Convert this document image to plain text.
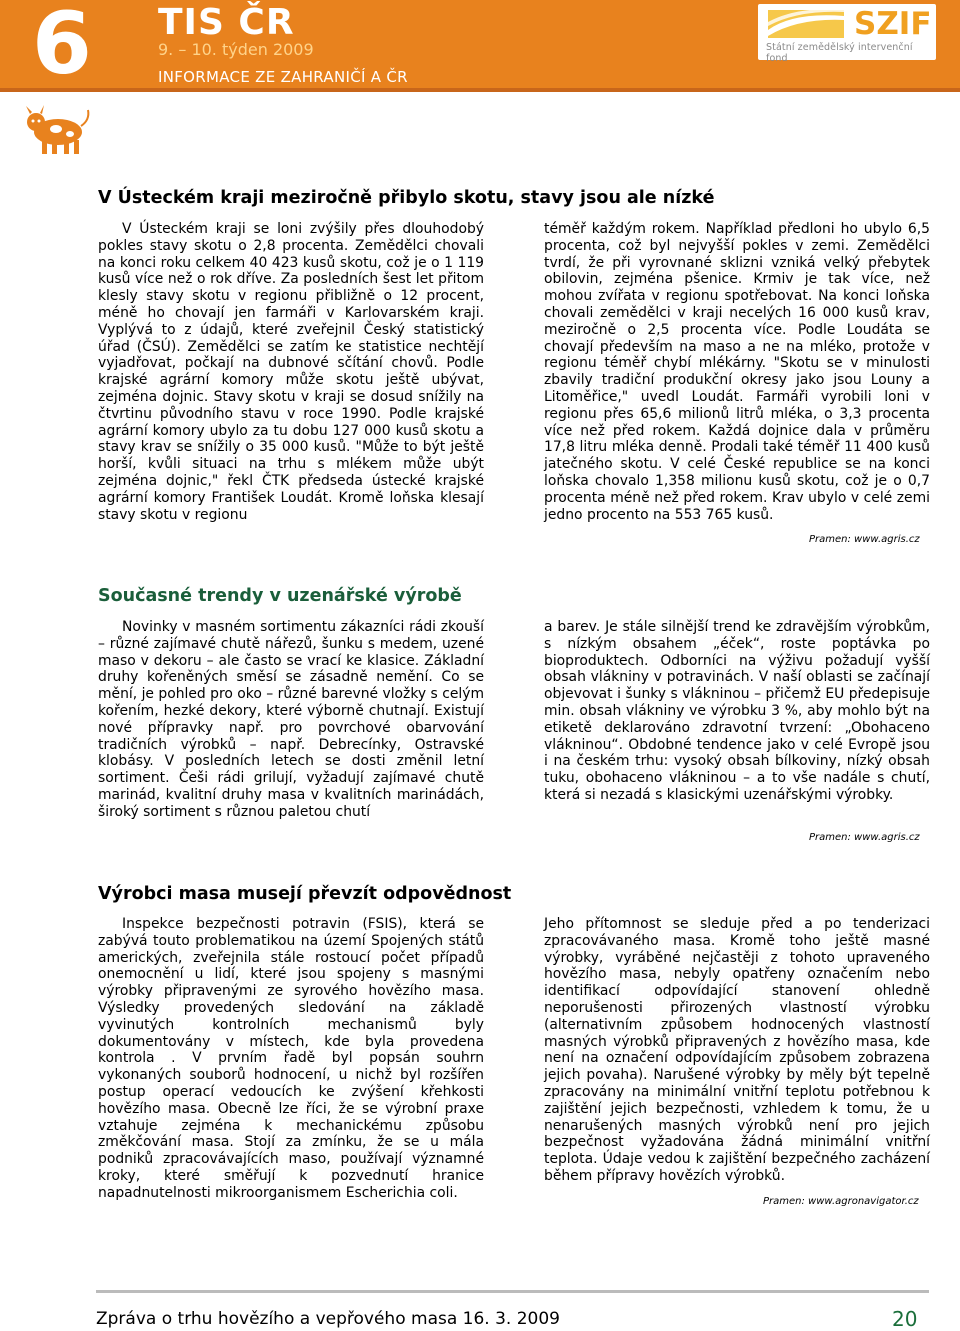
6 TIS ČR
9. – 10. týden 2009
INFORMACE ZE ZAHRANIČÍ A ČR
SZIF
Státní zemědělský intervenční fond
V Ústeckém kraji meziročně přibylo skotu, stavy jsou ale nízké

V Ústeckém kraji se loni zvýšily přes dlouhodobý pokles stavy skotu o 2,8 procenta. Zemědělci chovali na konci roku celkem 40 423 kusů skotu, což je o 1 119 kusů více než o rok dříve. Za posledních šest let přitom klesly stavy skotu v regionu přibližně o 12 procent, méně ho chovají jen farmáři v Karlovarském kraji. Vyplývá to z údajů, které zveřejnil Český statistický úřad (ČSÚ). Zemědělci se zatím ke statistice nechtějí vyjadřovat, počkají na dubnové sčítání chovů. Podle krajské agrární komory může skotu ještě ubývat, zejména dojnic. Stavy skotu v kraji se dosud snížily na čtvrtinu původního stavu v roce 1990. Podle krajské agrární komory ubylo za tu dobu 127 000 kusů skotu a stavy krav se snížily o 35 000 kusů. "Může to být ještě horší, kvůli situaci na trhu s mlékem může ubýt zejména dojnic," řekl ČTK předseda ústecké krajské agrární komory František Loudát. Kromě loňska klesají stavy skotu v regionu

téměř každým rokem. Například předloni ho ubylo 6,5 procenta, což byl nejvyšší pokles v zemi. Zemědělci tvrdí, že při vyrovnané sklizni vzniká velký přebytek obilovin, zejména pšenice. Krmiv je tak více, než mohou zvířata v regionu spotřebovat. Na konci loňska chovali zemědělci v kraji necelých 16 000 kusů krav, meziročně o 2,5 procenta více. Podle Loudáta se chovají především na maso a ne na mléko, protože v regionu téměř chybí mlékárny. "Skotu se v minulosti zbavily tradiční produkční okresy jako jsou Louny a Litoměřice," uvedl Loudát. Farmáři vyrobili loni v regionu přes 65,6 milionů litrů mléka, o 3,3 procenta více než před rokem. Každá dojnice dala v průměru 17,8 litru mléka denně. Prodali také téměř 11 400 kusů jatečného skotu. V celé České republice se na konci loňska chovalo 1,358 milionu kusů skotu, což je o 0,7 procenta méně než před rokem. Krav ubylo v celé zemi jedno procento na 553 765 kusů.

Pramen: www.agris.cz
Současné trendy v uzenářské výrobě

Novinky v masném sortimentu zákazníci rádi zkouší – různé zajímavé chutě nářezů, šunku s medem, uzené maso v dekoru – ale často se vrací ke klasice. Základní druhy kořeněných směsí se zásadně nemění. Co se mění, je pohled pro oko – různé barevné vložky s celým kořením, hezké dekory, které výborně chutnají. Existují nové přípravky např. pro povrchové obarvování tradičních výrobků – např. Debrecínky, Ostravské klobásy. V posledních letech se dosti změnil letní sortiment. Češi rádi grilují, vyžadují zajímavé chutě marinád, kvalitní druhy masa v kvalitních marinádách, široký sortiment s různou paletou chutí

a barev. Je stále silnější trend ke zdravějším výrobkům, s nízkým obsahem „éček“, roste poptávka po bioproduktech. Odborníci na výživu požadují vyšší obsah vlákniny v potravinách. V naší oblasti se začínají objevovat i šunky s vlákninou – přičemž EU předepisuje min. obsah vlákniny ve výrobku 3 %, aby mohlo být na etiketě deklarováno zdravotní tvrzení: „Obohaceno vlákninou“. Obdobné tendence jako v celé Evropě jsou i na českém trhu: vysoký obsah bílkoviny, nízký obsah tuku, obohaceno vlákninou – a to vše nadále s chutí, která si nezadá s klasickými uzenářskými výrobky.

Pramen: www.agris.cz
Výrobci masa musejí převzít odpovědnost

Inspekce bezpečnosti potravin (FSIS), která se zabývá touto problematikou na území Spojených států amerických, zveřejnila stále rostoucí počet případů onemocnění u lidí, které jsou spojeny s masnými výrobky připravenými ze syrového hovězího masa. Výsledky provedených sledování na základě vyvinutých kontrolních mechanismů byly dokumentovány v místech, kde byla provedena kontrola . V prvním řadě byl popsán souhrn vykonaných souborů hodnocení, u nichž byl rozšířen postup operací vedoucích ke zvýšení křehkosti hovězího masa. Obecně lze říci, že se výrobní praxe vztahuje zejména k mechanickému způsobu změkčování masa. Stojí za zmínku, že se u mála podniků zpracovávajících maso, používají významné kroky, které směřují k pozvednutí hranice napadnutelnosti mikroorganismem Escherichia coli.

Jeho přítomnost se sleduje před a po tenderizaci zpracovávaného masa. Kromě toho ještě masné výrobky, vyráběné nejčastěji z tohoto upraveného hovězího masa, nebyly opatřeny označením nebo identifikací odpovídající stanovení ohledně neporušenosti přirozených vlastností výrobku (alternativním způsobem hodnocených vlastností masných výrobků připravených z hovězího masa, kde není na označení odpovídajícím způsobem zobrazena jejich povaha). Narušené výrobky by měly být tepelně zpracovány na minimální vnitřní teplotu potřebnou k zajištění jejich bezpečnosti, vzhledem k tomu, že u nenarušených masných výrobků není pro jejich bezpečnost vyžadována žádná minimální vnitřní teplota. Údaje vedou k zajištění bezpečného zacházení během přípravy hovězích výrobků.

Pramen: www.agronavigator.cz
Zpráva o trhu hovězího a vepřového masa 16. 3. 2009	20
